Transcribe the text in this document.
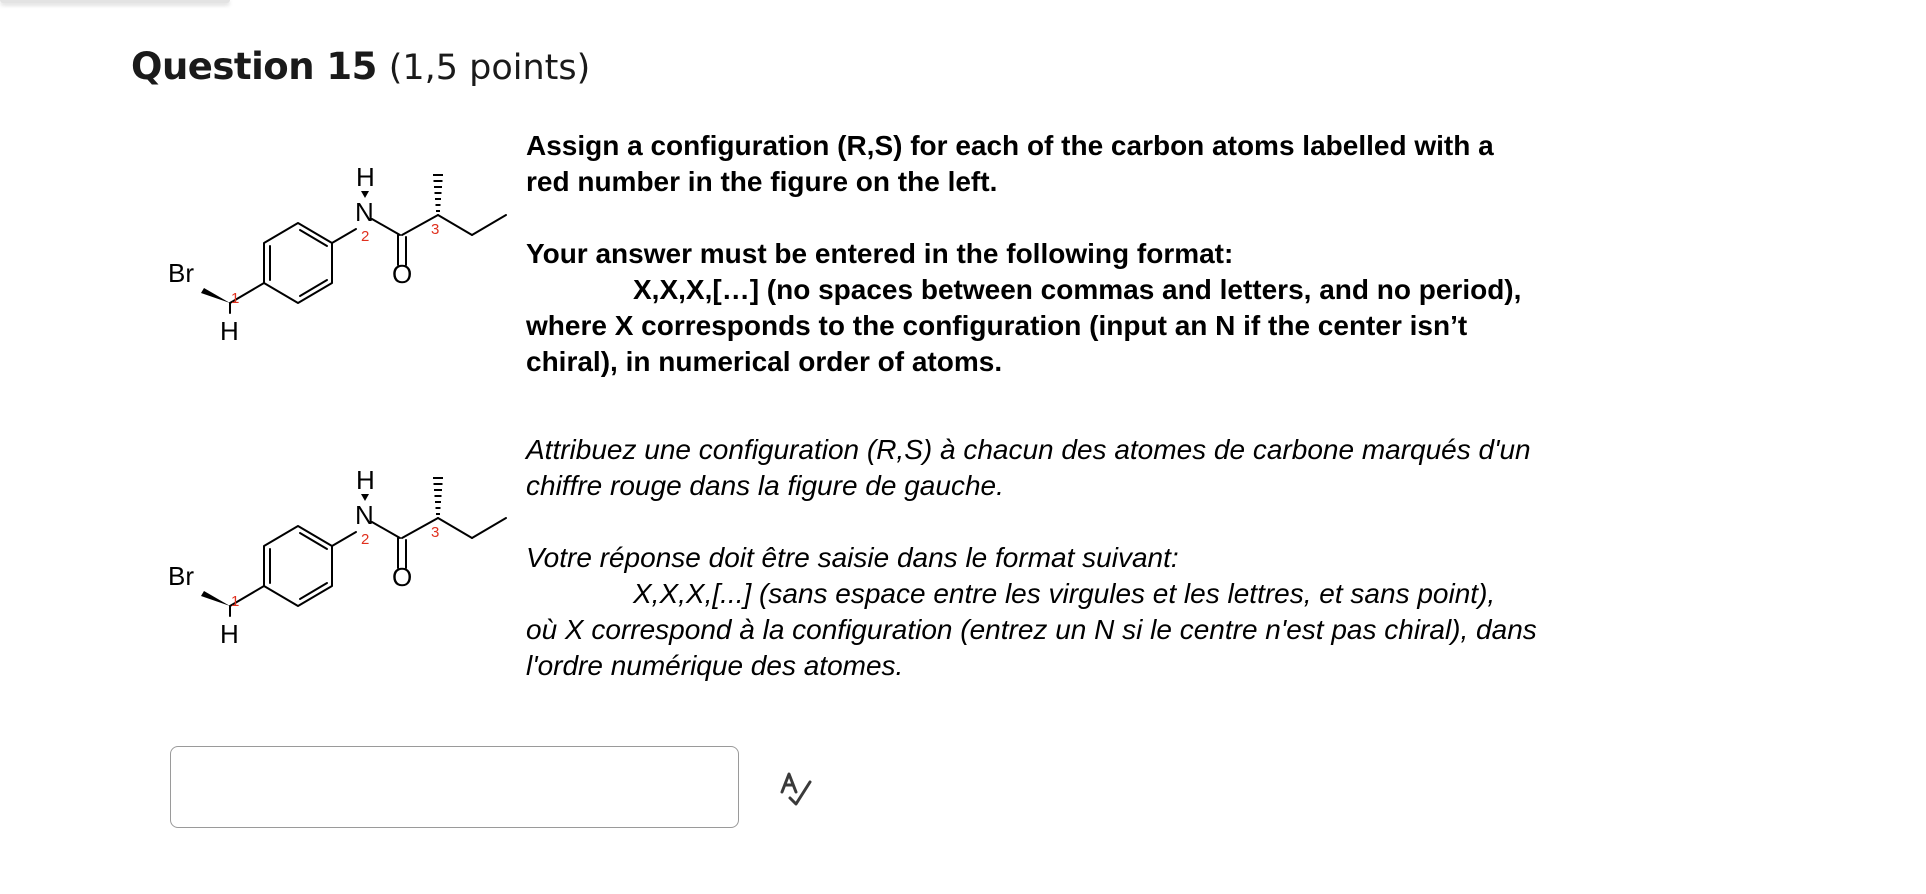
Question 15 (1,5 points)
Br
H
N
H
O
1
2	3
Br
H
N
H
O
1
2	3

Assign a configuration (R,S) for each of the carbon atoms labelled with a

red number in the figure on the left.

Your answer must be entered in the following format:

X,X,X,[…] (no spaces between commas and letters, and no period),

where X corresponds to the configuration (input an N if the center isn’t

chiral), in numerical order of atoms.

Attribuez une configuration (R,S) à chacun des atomes de carbone marqués d'un

chiffre rouge dans la figure de gauche.

Votre réponse doit être saisie dans le format suivant:

X,X,X,[...] (sans espace entre les virgules et les lettres, et sans point),

où X correspond à la configuration (entrez un N si le centre n'est pas chiral), dans

l'ordre numérique des atomes.
